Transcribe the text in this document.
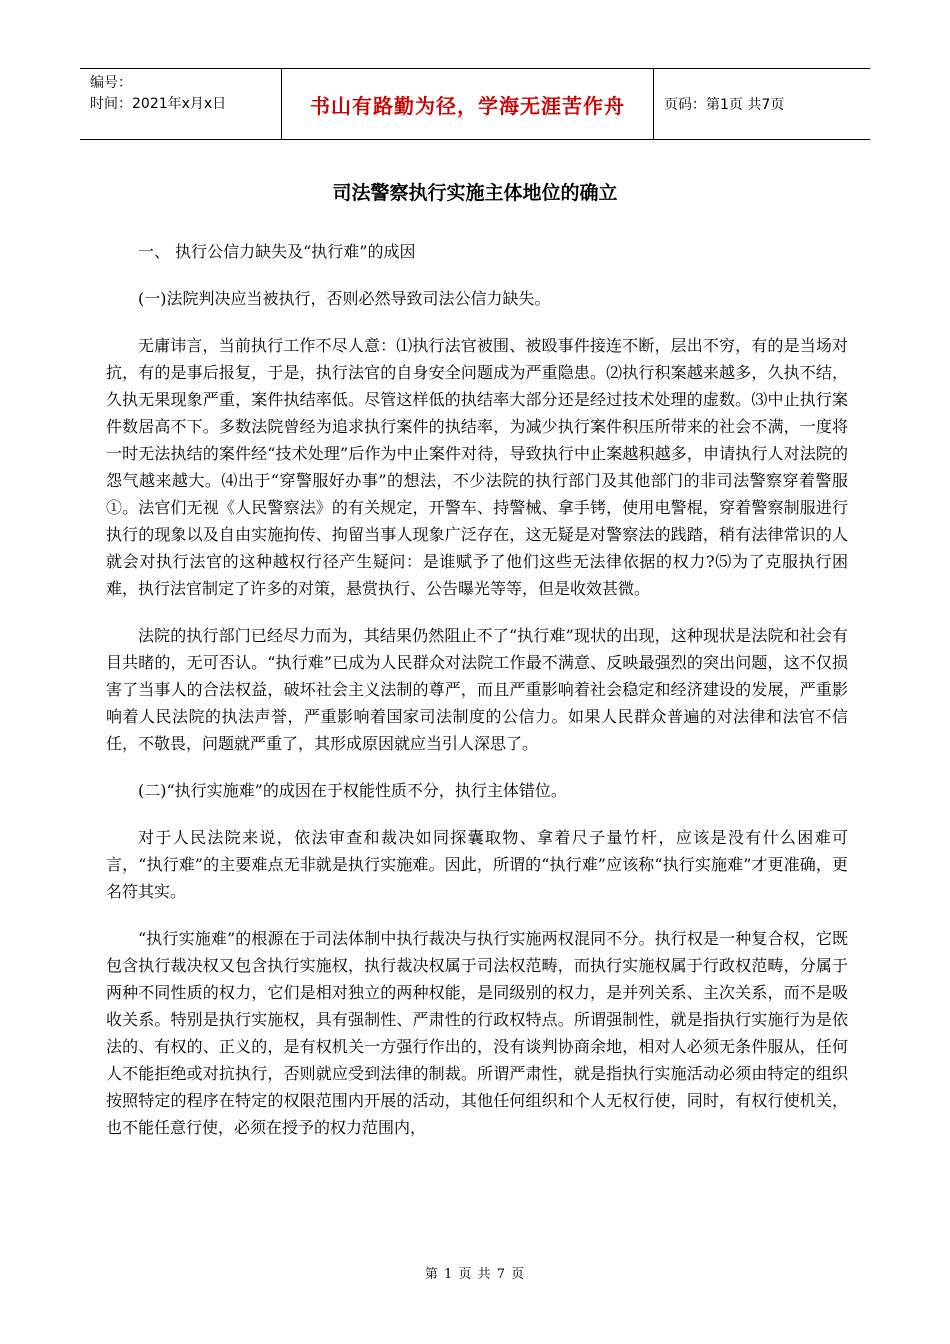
编号：
时间：2021年x月x日	书山有路勤为径，学海无涯苦作舟	页码：第1页 共7页
司法警察执行实施主体地位的确立

一、 执行公信力缺失及“执行难”的成因

(一)法院判决应当被执行，否则必然导致司法公信力缺失。

无庸讳言，当前执行工作不尽人意：⑴执行法官被围、被殴事件接连不断，层出不穷，有的是当场对抗，有的是事后报复，于是，执行法官的自身安全问题成为严重隐患。⑵执行积案越来越多，久执不结，久执无果现象严重，案件执结率低。尽管这样低的执结率大部分还是经过技术处理的虚数。⑶中止执行案件数居高不下。多数法院曾经为追求执行案件的执结率，为减少执行案件积压所带来的社会不满，一度将一时无法执结的案件经“技术处理”后作为中止案件对待，导致执行中止案越积越多，申请执行人对法院的怨气越来越大。⑷出于“穿警服好办事”的想法，不少法院的执行部门及其他部门的非司法警察穿着警服①。法官们无视《人民警察法》的有关规定，开警车、持警械、拿手铐，使用电警棍，穿着警察制服进行执行的现象以及自由实施拘传、拘留当事人现象广泛存在，这无疑是对警察法的践踏，稍有法律常识的人就会对执行法官的这种越权行径产生疑问：是谁赋予了他们这些无法律依据的权力?⑸为了克服执行困难，执行法官制定了许多的对策，悬赏执行、公告曝光等等，但是收效甚微。

法院的执行部门已经尽力而为，其结果仍然阻止不了“执行难”现状的出现，这种现状是法院和社会有目共睹的，无可否认。“执行难”已成为人民群众对法院工作最不满意、反映最强烈的突出问题，这不仅损害了当事人的合法权益，破坏社会主义法制的尊严，而且严重影响着社会稳定和经济建设的发展，严重影响着人民法院的执法声誉，严重影响着国家司法制度的公信力。如果人民群众普遍的对法律和法官不信任，不敬畏，问题就严重了，其形成原因就应当引人深思了。

(二)“执行实施难”的成因在于权能性质不分，执行主体错位。

对于人民法院来说，依法审查和裁决如同探囊取物、拿着尺子量竹杆，应该是没有什么困难可言，“执行难”的主要难点无非就是执行实施难。因此，所谓的“执行难”应该称“执行实施难”才更准确，更名符其实。

“执行实施难”的根源在于司法体制中执行裁决与执行实施两权混同不分。执行权是一种复合权，它既包含执行裁决权又包含执行实施权，执行裁决权属于司法权范畴，而执行实施权属于行政权范畴，分属于两种不同性质的权力，它们是相对独立的两种权能，是同级别的权力，是并列关系、主次关系，而不是吸收关系。特别是执行实施权，具有强制性、严肃性的行政权特点。所谓强制性，就是指执行实施行为是依法的、有权的、正义的，是有权机关一方强行作出的，没有谈判协商余地，相对人必须无条件服从，任何人不能拒绝或对抗执行，否则就应受到法律的制裁。所谓严肃性，就是指执行实施活动必须由特定的组织按照特定的程序在特定的权限范围内开展的活动，其他任何组织和个人无权行使，同时，有权行使机关，也不能任意行使，必须在授予的权力范围内，

第 1 页 共 7 页
